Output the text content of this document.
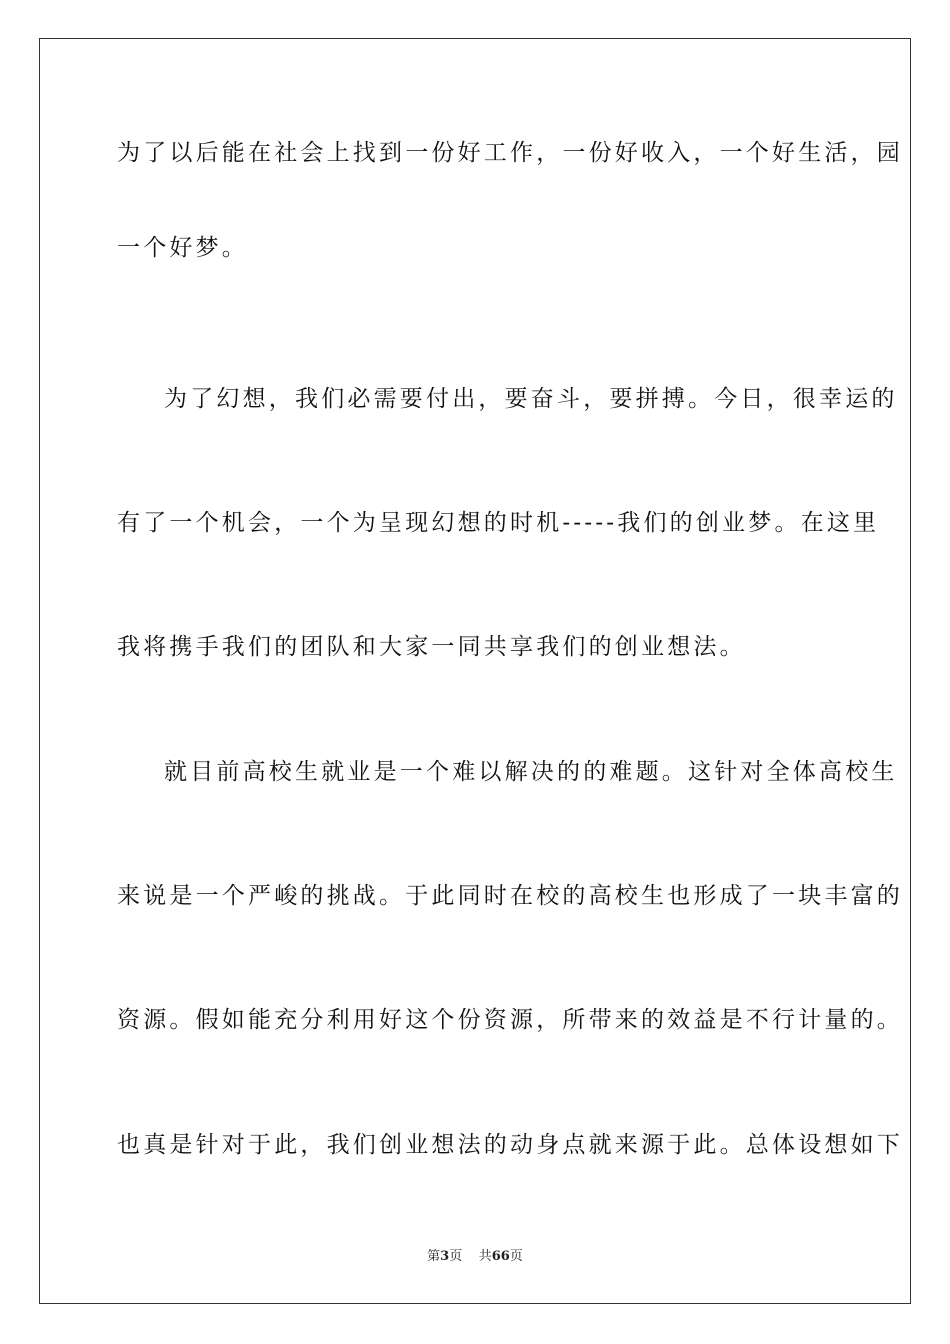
为了以后能在社会上找到一份好工作，一份好收入，一个好生活，园
一个好梦。
为了幻想，我们必需要付出，要奋斗，要拼搏。今日，很幸运的
有了一个机会，一个为呈现幻想的时机-----我们的创业梦。在这里
我将携手我们的团队和大家一同共享我们的创业想法。
就目前高校生就业是一个难以解决的的难题。这针对全体高校生
来说是一个严峻的挑战。于此同时在校的高校生也形成了一块丰富的
资源。假如能充分利用好这个份资源，所带来的效益是不行计量的。
也真是针对于此，我们创业想法的动身点就来源于此。总体设想如下
第3页 共66页
